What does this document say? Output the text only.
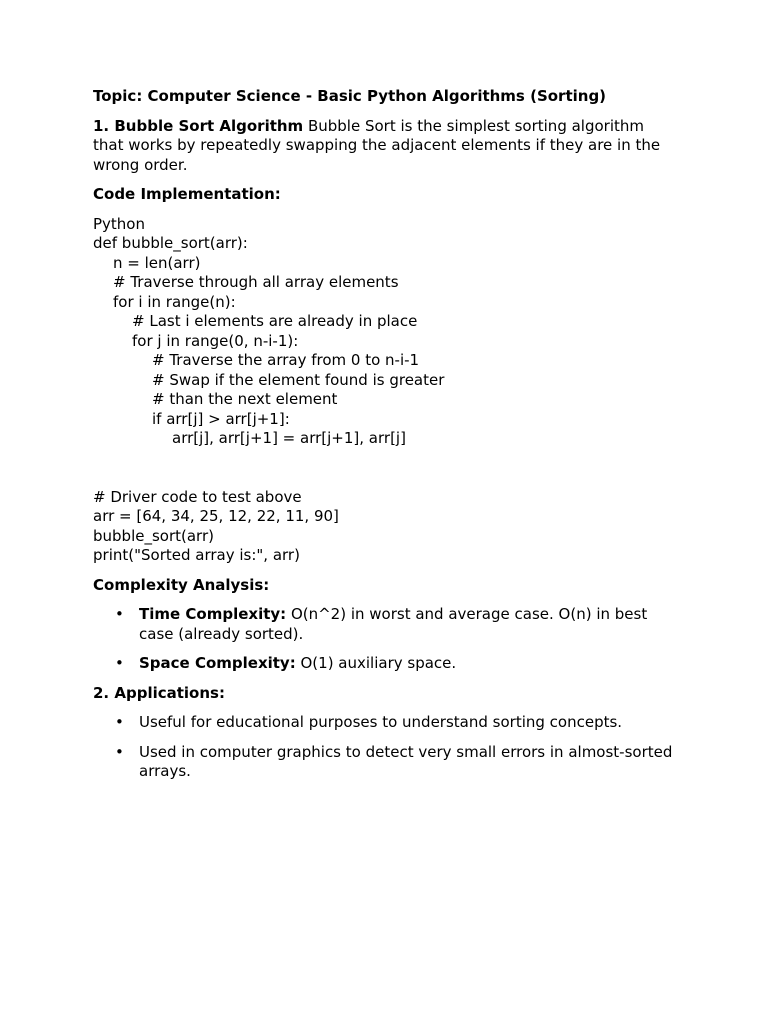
Topic: Computer Science - Basic Python Algorithms (Sorting)

1. Bubble Sort Algorithm Bubble Sort is the simplest sorting algorithm that works by repeatedly swapping the adjacent elements if they are in the wrong order.

Code Implementation:

Python

def bubble_sort(arr):

n = len(arr)

# Traverse through all array elements

for i in range(n):

# Last i elements are already in place

for j in range(0, n-i-1):

# Traverse the array from 0 to n-i-1

# Swap if the element found is greater

# than the next element

if arr[j] > arr[j+1]:

arr[j], arr[j+1] = arr[j+1], arr[j]

# Driver code to test above

arr = [64, 34, 25, 12, 22, 11, 90]

bubble_sort(arr)

print("Sorted array is:", arr)

Complexity Analysis:

• Time Complexity: O(n^2) in worst and average case. O(n) in best case (already sorted).
• Space Complexity: O(1) auxiliary space.

2. Applications:

• Useful for educational purposes to understand sorting concepts.
• Used in computer graphics to detect very small errors in almost-sorted arrays.
